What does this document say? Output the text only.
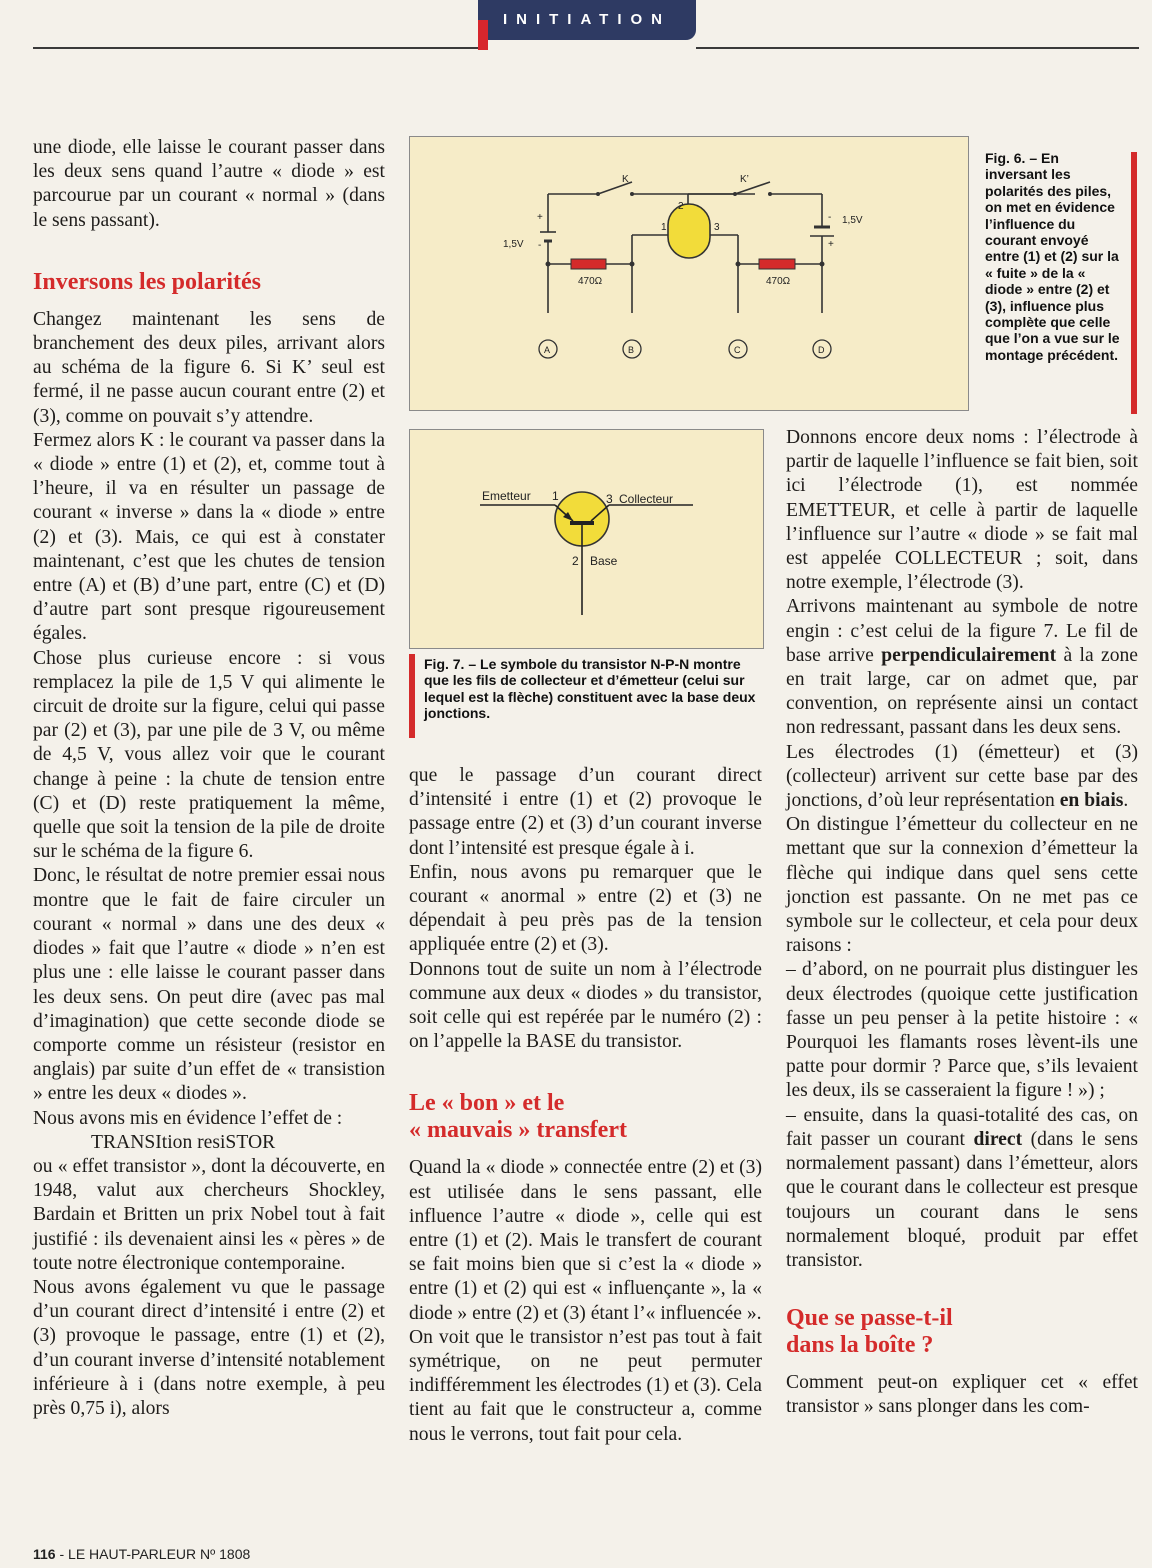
INITIATION

une diode, elle laisse le courant passer dans les deux sens quand l’autre « diode » est parcourue par un courant « normal » (dans le sens passant).

Inversons les polarités

Changez maintenant les sens de branchement des deux piles, arrivant alors au schéma de la figure 6. Si K’ seul est fermé, il ne passe aucun courant entre (2) et (3), comme on pouvait s’y attendre.

Fermez alors K : le courant va passer dans la « diode » entre (1) et (2), et, comme tout à l’heure, il va en résulter un passage de courant « inverse » dans la « diode » entre (2) et (3). Mais, ce qui est à constater maintenant, c’est que les chutes de tension entre (A) et (B) d’une part, entre (C) et (D) d’autre part sont presque rigoureusement égales.

Chose plus curieuse encore : si vous remplacez la pile de 1,5 V qui alimente le circuit de droite sur la figure, celui qui passe par (2) et (3), par une pile de 3 V, ou même de 4,5 V, vous allez voir que le courant change à peine : la chute de tension entre (C) et (D) reste pratiquement la même, quelle que soit la tension de la pile de droite sur le schéma de la figure 6.

Donc, le résultat de notre premier essai nous montre que le fait de faire circuler un courant « normal » dans une des deux « diodes » fait que l’autre « diode » n’en est plus une : elle laisse le courant passer dans les deux sens. On peut dire (avec pas mal d’imagination) que cette seconde diode se comporte comme un résisteur (resistor en anglais) par suite d’un effet de « transistion » entre les deux « diodes ».

Nous avons mis en évidence l’effet de :

TRANSItion resiSTOR

ou « effet transistor », dont la découverte, en 1948, valut aux chercheurs Shockley, Bardain et Britten un prix Nobel tout à fait justifié : ils devenaient ainsi les « pères » de toute notre électronique contemporaine.

Nous avons également vu que le passage d’un courant direct d’intensité i entre (2) et (3) provoque le passage, entre (1) et (2), d’un courant inverse d’intensité notablement inférieure à i (dans notre exemple, à peu près 0,75 i), alors

K	K’
1,5V
1,5V
+
-
-
+
470Ω	470Ω
1
2
3
A	B	C	D
Fig. 6. – En inversant les polarités des piles, on met en évidence l’influence du courant envoyé entre (1) et (2) sur la « fuite » de la « diode » entre (2) et (3), influence plus complète que celle que l’on a vue sur le montage précédent.
Emetteur 1	3 Collecteur
2 Base
Fig. 7. – Le symbole du transistor N-P-N montre que les fils de collecteur et d’émetteur (celui sur lequel est la flèche) constituent avec la base deux jonctions.

que le passage d’un courant direct d’intensité i entre (1) et (2) provoque le passage entre (2) et (3) d’un courant inverse dont l’intensité est presque égale à i.

Enfin, nous avons pu remarquer que le courant « anormal » entre (2) et (3) ne dépendait à peu près pas de la tension appliquée entre (2) et (3).

Donnons tout de suite un nom à l’électrode commune aux deux « diodes » du transistor, soit celle qui est repérée par le numéro (2) : on l’appelle la BASE du transistor.

Le « bon » et le

« mauvais » transfert

Quand la « diode » connectée entre (2) et (3) est utilisée dans le sens passant, elle influence l’autre « diode », celle qui est entre (1) et (2). Mais le transfert de courant se fait moins bien que si c’est la « diode » entre (1) et (2) qui est « influençante », la « diode » entre (2) et (3) étant l’« influencée ».

On voit que le transistor n’est pas tout à fait symétrique, on ne peut permuter indifféremment les électrodes (1) et (3). Cela tient au fait que le constructeur a, comme nous le verrons, tout fait pour cela.

Donnons encore deux noms : l’électrode à partir de laquelle l’influence se fait bien, soit ici l’électrode (1), est nommée EMETTEUR, et celle à partir de laquelle l’influence sur l’autre « diode » se fait mal est appelée COLLECTEUR ; soit, dans notre exemple, l’électrode (3).

Arrivons maintenant au symbole de notre engin : c’est celui de la figure 7. Le fil de base arrive perpendiculairement à la zone en trait large, car on admet que, par convention, on représente ainsi un contact non redressant, passant dans les deux sens.

Les électrodes (1) (émetteur) et (3) (collecteur) arrivent sur cette base par des jonctions, d’où leur représentation en biais.

On distingue l’émetteur du collecteur en ne mettant que sur la connexion d’émetteur la flèche qui indique dans quel sens cette jonction est passante. On ne met pas ce symbole sur le collecteur, et cela pour deux raisons :

– d’abord, on ne pourrait plus distinguer les deux électrodes (quoique cette justification fasse un peu penser à la petite histoire : « Pourquoi les flamants roses lèvent-ils une patte pour dormir ? Parce que, s’ils levaient les deux, ils se casseraient la figure ! ») ;

– ensuite, dans la quasi-totalité des cas, on fait passer un courant direct (dans le sens normalement passant) dans l’émetteur, alors que le courant dans le collecteur est presque toujours un courant dans le sens normalement bloqué, produit par effet transistor.

Que se passe-t-il

dans la boîte ?

Comment peut-on expliquer cet « effet transistor » sans plonger dans les com-

116 - LE HAUT-PARLEUR Nº 1808
